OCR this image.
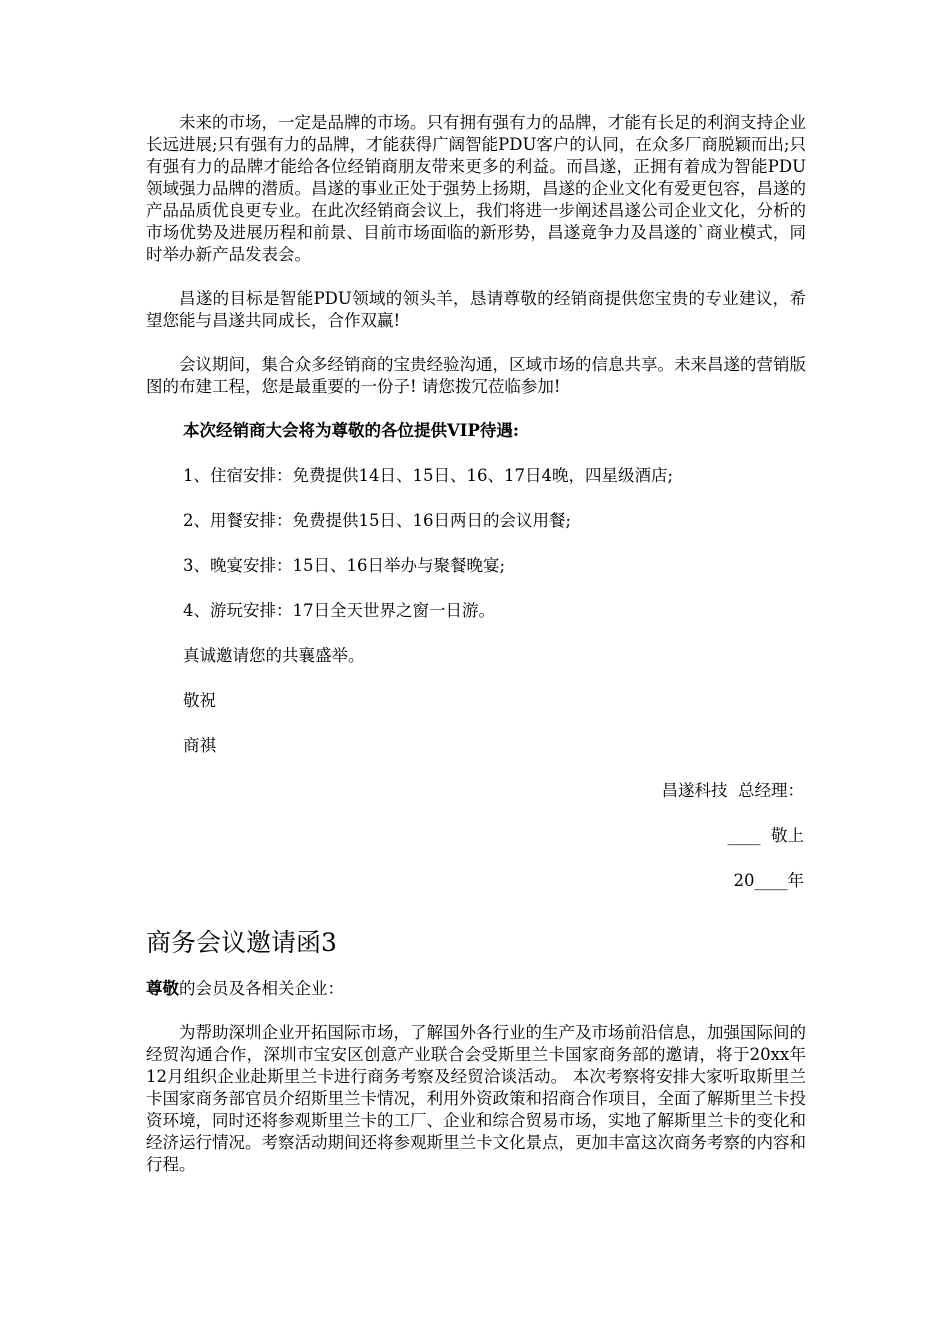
未来的市场，一定是品牌的市场。只有拥有强有力的品牌，才能有长足的利润支持企业长远进展;只有强有力的品牌，才能获得广阔智能PDU客户的认同，在众多厂商脱颖而出;只有强有力的品牌才能给各位经销商朋友带来更多的利益。而昌遂，正拥有着成为智能PDU领域强力品牌的潜质。昌遂的事业正处于强势上扬期，昌遂的企业文化有爱更包容，昌遂的产品品质优良更专业。在此次经销商会议上，我们将进一步阐述昌遂公司企业文化，分析的市场优势及进展历程和前景、目前市场面临的新形势，昌遂竟争力及昌遂的`商业模式，同时举办新产品发表会。

昌遂的目标是智能PDU领域的领头羊，恳请尊敬的经销商提供您宝贵的专业建议，希望您能与昌遂共同成长，合作双赢!

会议期间，集合众多经销商的宝贵经验沟通，区域市场的信息共享。未来昌遂的营销版图的布建工程，您是最重要的一份子! 请您拨冗莅临参加!

本次经销商大会将为尊敬的各位提供VIP待遇:

1、住宿安排：免费提供14日、15日、16、17日4晚，四星级酒店;

2、用餐安排：免费提供15日、16日两日的会议用餐;

3、晚宴安排：15日、16日举办与聚餐晚宴;

4、游玩安排：17日全天世界之窗一日游。

真诚邀请您的共襄盛举。

敬祝

商祺

昌遂科技  总经理：

____  敬上

20____年

商务会议邀请函3

尊敬的会员及各相关企业：

为帮助深圳企业开拓国际市场，了解国外各行业的生产及市场前沿信息，加强国际间的经贸沟通合作，深圳市宝安区创意产业联合会受斯里兰卡国家商务部的邀请，将于20xx年12月组织企业赴斯里兰卡进行商务考察及经贸洽谈活动。 本次考察将安排大家听取斯里兰卡国家商务部官员介绍斯里兰卡情况，利用外资政策和招商合作项目，全面了解斯里兰卡投资环境，同时还将参观斯里兰卡的工厂、企业和综合贸易市场，实地了解斯里兰卡的变化和经济运行情况。考察活动期间还将参观斯里兰卡文化景点，更加丰富这次商务考察的内容和行程。
